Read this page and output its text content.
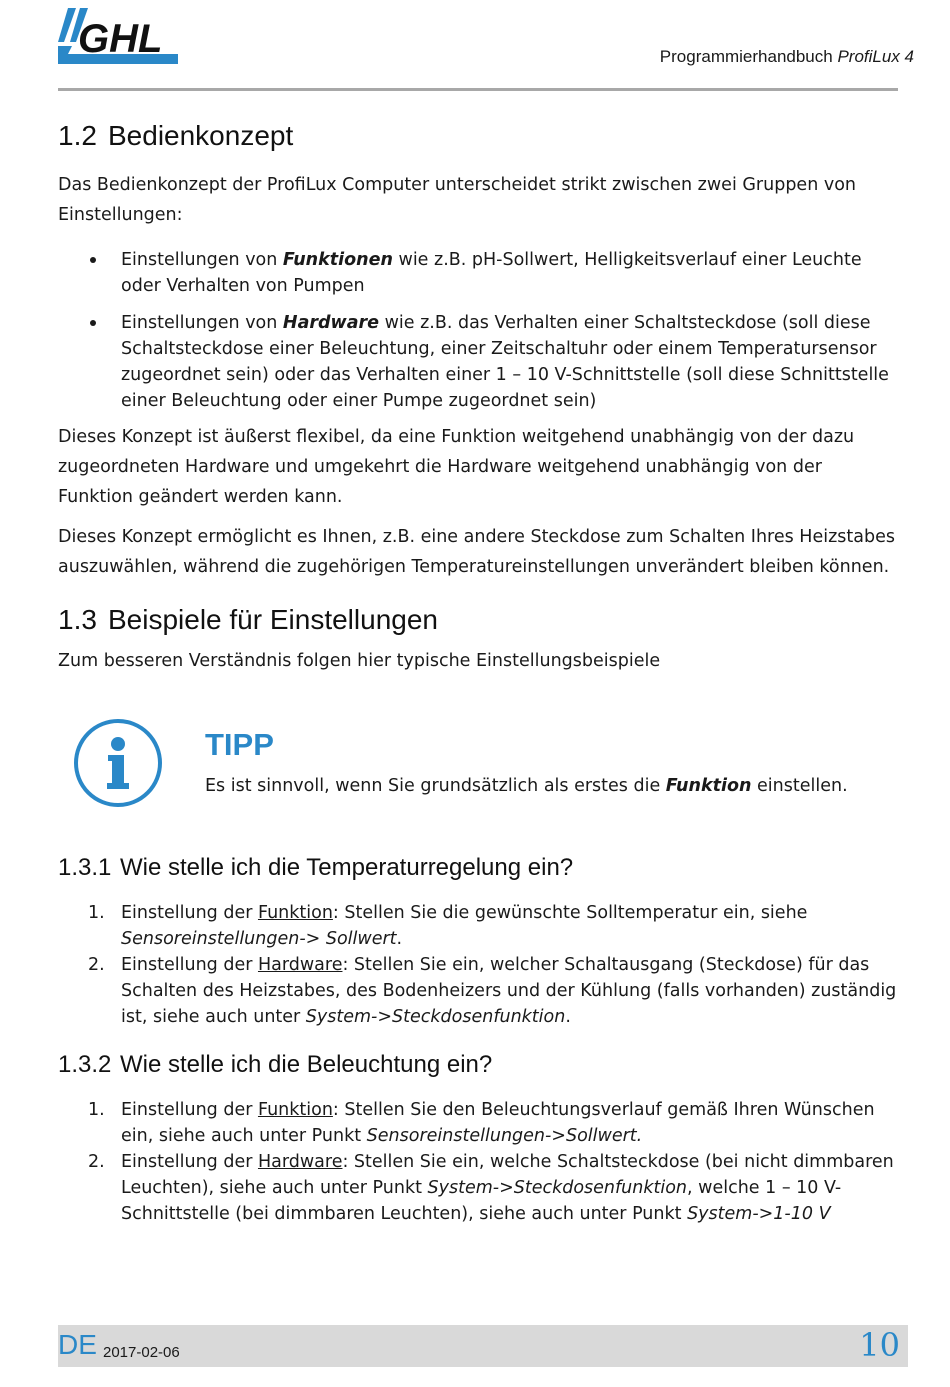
GHL	Programmierhandbuch ProfiLux 4
1.2 Bedienkonzept

Das Bedienkonzept der ProfiLux Computer unterscheidet strikt zwischen zwei Gruppen von Einstellungen:

Einstellungen von Funktionen wie z.B. pH-Sollwert, Helligkeitsverlauf einer Leuchte oder Verhalten von Pumpen
Einstellungen von Hardware wie z.B. das Verhalten einer Schaltsteckdose (soll diese Schaltsteckdose einer Beleuchtung, einer Zeitschaltuhr oder einem Temperatursensor zugeordnet sein) oder das Verhalten einer 1 – 10 V-Schnittstelle (soll diese Schnittstelle einer Beleuchtung oder einer Pumpe zugeordnet sein)

Dieses Konzept ist äußerst flexibel, da eine Funktion weitgehend unabhängig von der dazu zugeordneten Hardware und umgekehrt die Hardware weitgehend unabhängig von der Funktion geändert werden kann.

Dieses Konzept ermöglicht es Ihnen, z.B. eine andere Steckdose zum Schalten Ihres Heizstabes auszuwählen, während die zugehörigen Temperatureinstellungen unverändert bleiben können.

1.3 Beispiele für Einstellungen

Zum besseren Verständnis folgen hier typische Einstellungsbeispiele

TIPP
Es ist sinnvoll, wenn Sie grundsätzlich als erstes die Funktion einstellen.
1.3.1 Wie stelle ich die Temperaturregelung ein?
1. Einstellung der Funktion: Stellen Sie die gewünschte Solltemperatur ein, siehe Sensoreinstellungen-> Sollwert.
2. Einstellung der Hardware: Stellen Sie ein, welcher Schaltausgang (Steckdose) für das Schalten des Heizstabes, des Bodenheizers und der Kühlung (falls vorhanden) zuständig ist, siehe auch unter System->Steckdosenfunktion.
1.3.2 Wie stelle ich die Beleuchtung ein?
1. Einstellung der Funktion: Stellen Sie den Beleuchtungsverlauf gemäß Ihren Wünschen ein, siehe auch unter Punkt Sensoreinstellungen->Sollwert.
2. Einstellung der Hardware: Stellen Sie ein, welche Schaltsteckdose (bei nicht dimmbaren Leuchten), siehe auch unter Punkt System->Steckdosenfunktion, welche 1 – 10 V-Schnittstelle (bei dimmbaren Leuchten), siehe auch unter Punkt System->1-10 V
DE 2017-02-06	10
